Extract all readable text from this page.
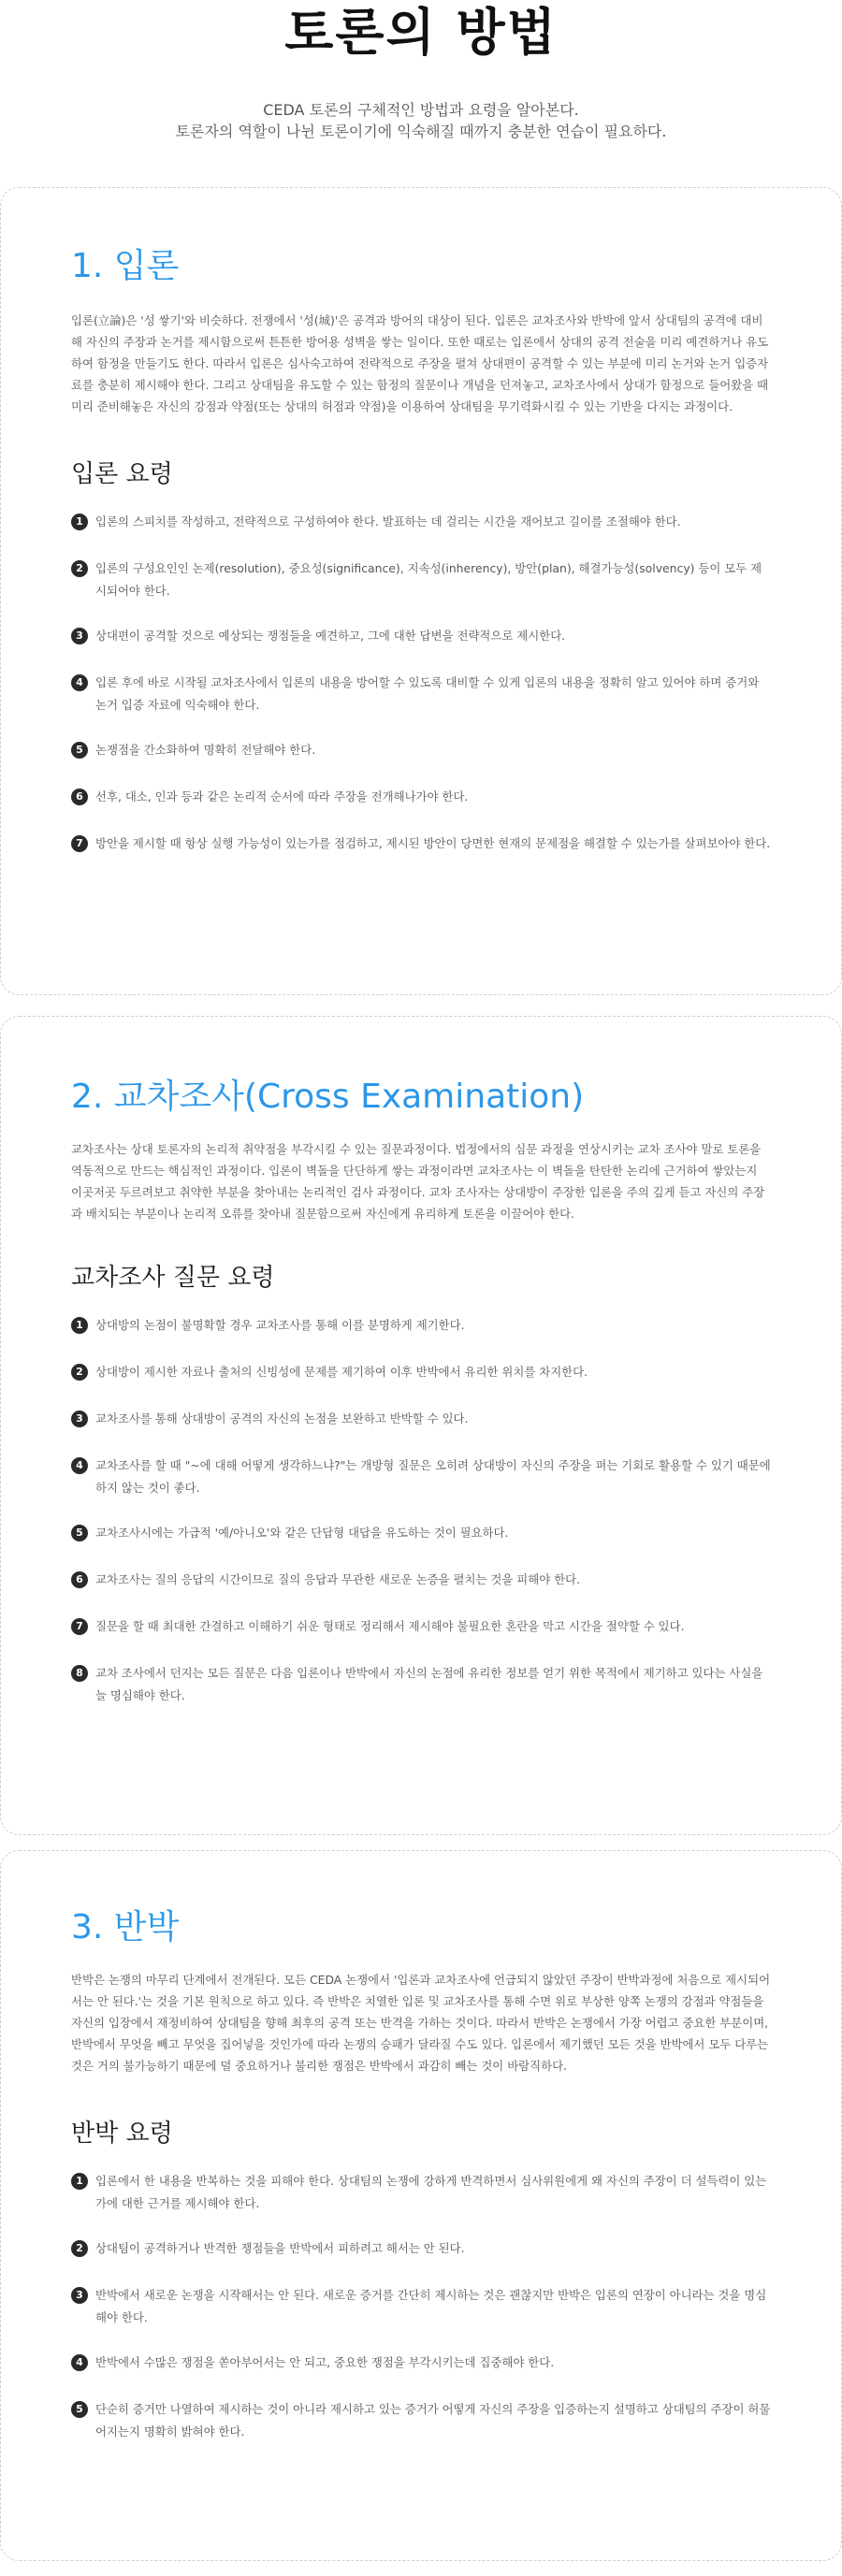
토론의 방법

CEDA 토론의 구체적인 방법과 요령을 알아본다.
토론자의 역할이 나뉜 토론이기에 익숙해질 때까지 충분한 연습이 필요하다.

1. 입론

입론(立論)은 '성 쌓기'와 비슷하다. 전쟁에서 '성(城)'은 공격과 방어의 대상이 된다. 입론은 교차조사와 반박에 앞서 상대팀의 공격에 대비해 자신의 주장과 논거를 제시함으로써 튼튼한 방어용 성벽을 쌓는 일이다. 또한 때로는 입론에서 상대의 공격 전술을 미리 예견하거나 유도하여 함정을 만들기도 한다. 따라서 입론은 심사숙고하여 전략적으로 주장을 펼쳐 상대편이 공격할 수 있는 부분에 미리 논거와 논거 입증자료를 충분히 제시해야 한다. 그리고 상대팀을 유도할 수 있는 함정의 질문이나 개념을 던져놓고, 교차조사에서 상대가 함정으로 들어왔을 때 미리 준비해놓은 자신의 강점과 약점(또는 상대의 허점과 약점)을 이용하여 상대팀을 무기력화시킬 수 있는 기반을 다지는 과정이다.

입론 요령
1	입론의 스피치를 작성하고, 전략적으로 구성하여야 한다. 발표하는 데 걸리는 시간을 재어보고 길이를 조절해야 한다.
2	입론의 구성요인인 논제(resolution), 중요성(significance), 지속성(inherency), 방안(plan), 해결가능성(solvency) 등이 모두 제시되어야 한다.
3	상대편이 공격할 것으로 예상되는 쟁점들을 예견하고, 그에 대한 답변을 전략적으로 제시한다.
4	입론 후에 바로 시작될 교차조사에서 입론의 내용을 방어할 수 있도록 대비할 수 있게 입론의 내용을 정확히 알고 있어야 하며 증거와 논거 입증 자료에 익숙해야 한다.
5	논쟁점을 간소화하여 명확히 전달해야 한다.
6	선후, 대소, 인과 등과 같은 논리적 순서에 따라 주장을 전개해나가야 한다.
7	방안을 제시할 때 항상 실행 가능성이 있는가를 점검하고, 제시된 방안이 당면한 현재의 문제점을 해결할 수 있는가를 살펴보아야 한다.
2. 교차조사(Cross Examination)

교차조사는 상대 토론자의 논리적 취약점을 부각시킬 수 있는 질문과정이다. 법정에서의 심문 과정을 연상시키는 교차 조사야 말로 토론을 역동적으로 만드는 핵심적인 과정이다. 입론이 벽돌을 단단하게 쌓는 과정이라면 교차조사는 이 벽돌을 탄탄한 논리에 근거하여 쌓았는지 이곳저곳 두르려보고 취약한 부분을 찾아내는 논리적인 검사 과정이다. 교차 조사자는 상대방이 주장한 입론을 주의 깊게 듣고 자신의 주장과 배치되는 부분이나 논리적 오류를 찾아내 질문함으로써 자신에게 유리하게 토론을 이끌어야 한다.

교차조사 질문 요령
1	상대방의 논점이 불명확할 경우 교차조사를 통해 이를 분명하게 제기한다.
2	상대방이 제시한 자료나 출처의 신빙성에 문제를 제기하여 이후 반박에서 유리한 위치를 차지한다.
3	교차조사를 통해 상대방이 공격의 자신의 논점을 보완하고 반박할 수 있다.
4	교차조사를 할 때 "~에 대해 어떻게 생각하느냐?"는 개방형 질문은 오히려 상대방이 자신의 주장을 펴는 기회로 활용할 수 있기 때문에 하지 않는 것이 좋다.
5	교차조사시에는 가급적 '예/아니오'와 같은 단답형 대답을 유도하는 것이 필요하다.
6	교차조사는 질의 응답의 시간이므로 질의 응답과 무관한 새로운 논증을 펼치는 것을 피해야 한다.
7	질문을 할 때 최대한 간결하고 이해하기 쉬운 형태로 정리해서 제시해야 불필요한 혼란을 막고 시간을 절약할 수 있다.
8	교차 조사에서 던지는 모든 질문은 다음 입론이나 반박에서 자신의 논점에 유리한 정보를 얻기 위한 목적에서 제기하고 있다는 사실을 늘 명심해야 한다.
3. 반박

반박은 논쟁의 마무리 단계에서 전개된다. 모든 CEDA 논쟁에서 '입론과 교차조사에 언급되지 않았던 주장이 반박과정에 처음으로 제시되어서는 안 된다.'는 것을 기본 원칙으로 하고 있다. 즉 반박은 치열한 입론 및 교차조사를 통해 수면 위로 부상한 양쪽 논쟁의 강점과 약점들을 자신의 입장에서 재정비하여 상대팀을 향해 최후의 공격 또는 반격을 가하는 것이다. 따라서 반박은 논쟁에서 가장 어렵고 중요한 부분이며, 반박에서 무엇을 빼고 무엇을 집어넣을 것인가에 따라 논쟁의 승패가 달라질 수도 있다. 입론에서 제기했던 모든 것을 반박에서 모두 다루는 것은 거의 불가능하기 때문에 덜 중요하거나 불리한 쟁점은 반박에서 과감히 빼는 것이 바람직하다.

반박 요령
1	입론에서 한 내용을 반복하는 것을 피해야 한다. 상대팀의 논쟁에 강하게 반격하면서 심사위원에게 왜 자신의 주장이 더 설득력이 있는가에 대한 근거를 제시해야 한다.
2	상대팀이 공격하거나 반격한 쟁점들을 반박에서 피하려고 해서는 안 된다.
3	반박에서 새로운 논쟁을 시작해서는 안 된다. 새로운 증거를 간단히 제시하는 것은 괜찮지만 반박은 입론의 연장이 아니라는 것을 명심해야 한다.
4	반박에서 수많은 쟁점을 쏟아부어서는 안 되고, 중요한 쟁점을 부각시키는데 집중해야 한다.
5	단순히 증거만 나열하여 제시하는 것이 아니라 제시하고 있는 증거가 어떻게 자신의 주장을 입증하는지 설명하고 상대팀의 주장이 허물어지는지 명확히 밝혀야 한다.
